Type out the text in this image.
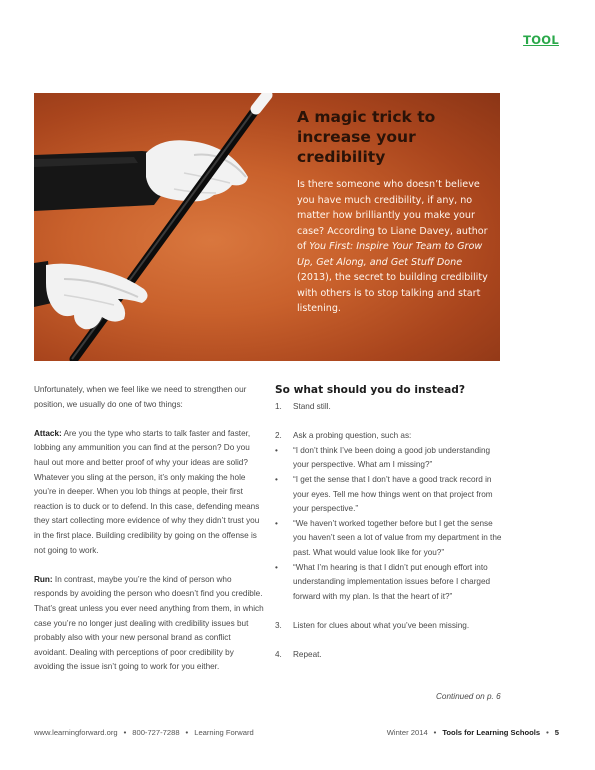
TOOL
A magic trick to increase your credibility
Is there someone who doesn’t believe you have much credibility, if any, no matter how brilliantly you make your case? According to Liane Davey, author of You First: Inspire Your Team to Grow Up, Get Along, and Get Stuff Done (2013), the secret to building credibility with others is to stop talking and start listening.

Unfortunately, when we feel like we need to strengthen our position, we usually do one of two things:

Attack: Are you the type who starts to talk faster and faster, lobbing any ammunition you can find at the person? Do you haul out more and better proof of why your ideas are solid? Whatever you sling at the person, it’s only making the hole you’re in deeper. When you lob things at people, their first reaction is to duck or to defend. In this case, defending means they start collecting more evidence of why they didn’t trust you in the first place. Building credibility by going on the offense is not going to work.

Run: In contrast, maybe you’re the kind of person who responds by avoiding the person who doesn’t find you credible. That’s great unless you ever need anything from them, in which case you’re no longer just dealing with credibility issues but probably also with your new personal brand as conflict avoidant. Dealing with perceptions of poor credibility by avoiding the issue isn’t going to work for you either.

So what should you do instead?
1.	Stand still.
2.	Ask a probing question, such as:
•	“I don’t think I’ve been doing a good job understanding your perspective. What am I missing?”
•	“I get the sense that I don’t have a good track record in your eyes. Tell me how things went on that project from your perspective.”
•	“We haven’t worked together before but I get the sense you haven’t seen a lot of value from my department in the past. What would value look like for you?”
•	“What I’m hearing is that I didn’t put enough effort into understanding implementation issues before I charged forward with my plan. Is that the heart of it?”
3.	Listen for clues about what you’ve been missing.
4.	Repeat.
Continued on p. 6
www.learningforward.org • 800-727-7288 • Learning Forward	Winter 2014 • Tools for Learning Schools • 5
